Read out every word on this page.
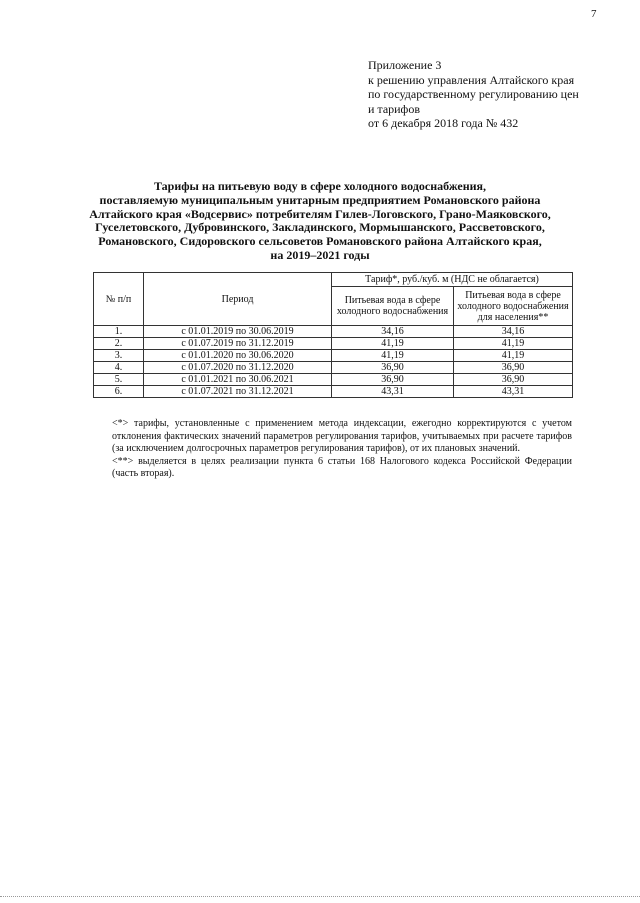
7
Приложение 3
к решению управления Алтайского края
по государственному регулированию цен
и тарифов
от 6 декабря 2018 года № 432
Тарифы на питьевую воду в сфере холодного водоснабжения,
поставляемую муниципальным унитарным предприятием Романовского района
Алтайского края «Водсервис» потребителям Гилев-Логовского, Грано-Маяковского,
Гуселетовского, Дубровинского, Закладинского, Мормышанского, Рассветовского,
Романовского, Сидоровского сельсоветов Романовского района Алтайского края,
на 2019–2021 годы
№ п/п	Период	Тариф*, руб./куб. м (НДС не облагается)	
		Питьевая вода в сфере холодного водоснабжения	Питьевая вода в сфере холодного водоснабжения для населения**
1.	с 01.01.2019 по 30.06.2019	34,16	34,16
2.	с 01.07.2019 по 31.12.2019	41,19	41,19
3.	с 01.01.2020 по 30.06.2020	41,19	41,19
4.	с 01.07.2020 по 31.12.2020	36,90	36,90
5.	с 01.01.2021 по 30.06.2021	36,90	36,90
6.	с 01.07.2021 по 31.12.2021	43,31	43,31

<*> тарифы, установленные с применением метода индексации, ежегодно корректируются с учетом отклонения фактических значений параметров регулирования тарифов, учитываемых при расчете тарифов (за исключением долгосрочных параметров регулирования тарифов), от их плановых значений.

<**> выделяется в целях реализации пункта 6 статьи 168 Налогового кодекса Российской Федерации (часть вторая).
